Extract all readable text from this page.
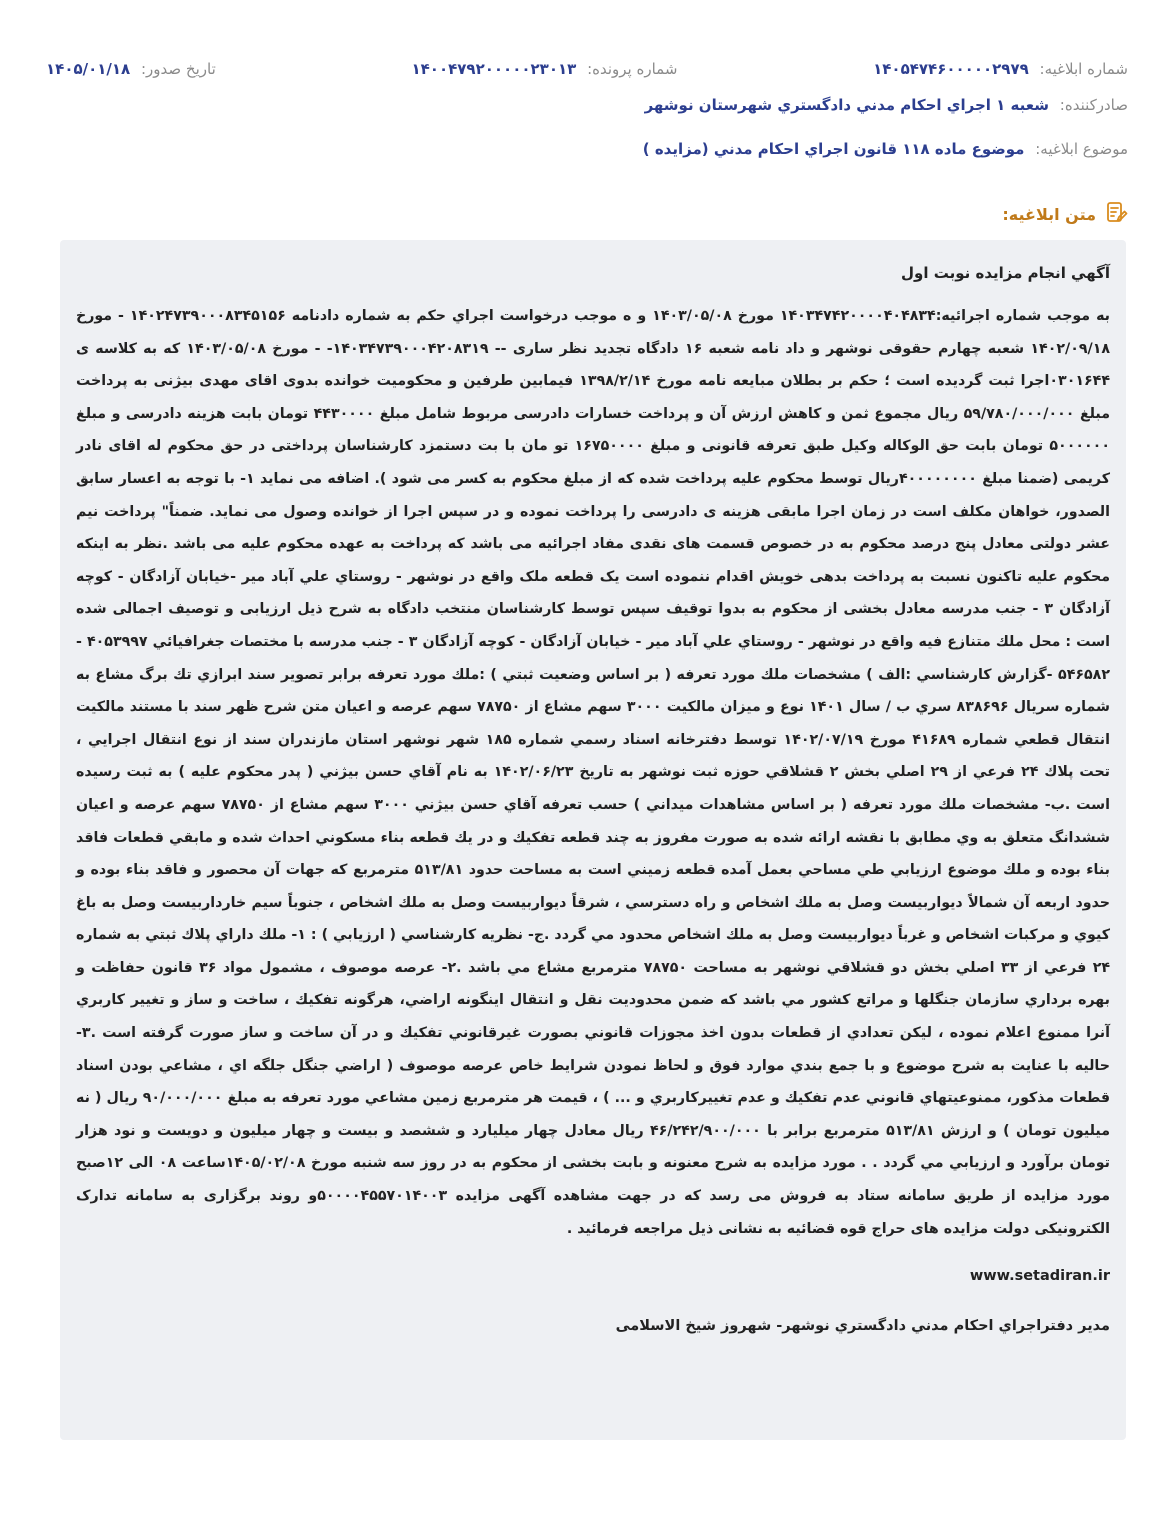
شماره ابلاغیه: ۱۴۰۵۴۷۴۶۰۰۰۰۰۲۹۷۹
شماره پرونده: ۱۴۰۰۴۷۹۲۰۰۰۰۰۲۳۰۱۳
تاریخ صدور: ۱۴۰۵/۰۱/۱۸
صادرکننده: شعبه ۱ اجراي احكام مدني دادگستري شهرستان نوشهر
موضوع ابلاغیه: موضوع ماده ۱۱۸ قانون اجراي احكام مدني (مزايده )
متن ابلاغیه:
آگهي انجام مزايده نوبت اول

به موجب شماره اجرائیه:۱۴۰۳۴۷۴۲۰۰۰۰۴۰۴۸۳۴ مورخ ۱۴۰۳/۰۵/۰۸ و ه موجب درخواست اجراي حكم به شماره دادنامه ۱۴۰۲۴۷۳۹۰۰۰۸۳۴۵۱۵۶ - مورخ ۱۴۰۲/۰۹/۱۸ شعبه چهارم حقوقی نوشهر و داد نامه شعبه ۱۶ دادگاه تجدید نظر ساری -- ۱۴۰۳۴۷۳۹۰۰۰۴۲۰۸۳۱۹- - مورخ ۱۴۰۳/۰۵/۰۸ كه به كلاسه ی ۰۳۰۱۶۴۴اجرا ثبت گرديده است ؛ حکم بر بطلان مبایعه نامه مورخ ۱۳۹۸/۲/۱۴ فیمابین طرفین و محکومیت خوانده بدوی اقای مهدی بیژنی به پرداخت مبلغ ۵۹/۷۸۰/۰۰۰/۰۰۰ ریال مجموع ثمن و کاهش ارزش آن و پرداخت خسارات دادرسی مربوط شامل مبلغ ۴۴۳۰۰۰۰ تومان بابت هزینه دادرسی و مبلغ ۵۰۰۰۰۰۰ تومان بابت حق الوکاله وکیل طبق تعرفه قانونی و مبلغ ۱۶۷۵۰۰۰۰ تو مان با بت دستمزد کارشناسان پرداختی در حق محکوم له اقای نادر کریمی (ضمنا مبلغ ۴۰۰۰۰۰۰۰۰ریال توسط محکوم علیه پرداخت شده که از مبلغ محکوم به کسر می شود ). اضافه می نماید ۱- با توجه به اعسار سابق الصدور، خواهان مکلف است در زمان اجرا مابقی هزینه ی دادرسی را پرداخت نموده و در سپس اجرا از خوانده وصول می نماید. ضمناً" پرداخت نیم عشر دولتی معادل پنج درصد محکوم به در خصوص قسمت های نقدی مفاد اجرائیه می باشد که پرداخت به عهده محکوم علیه می باشد .نظر به اینکه محکوم علیه تاکنون نسبت به پرداخت بدهی خویش اقدام ننموده است یک قطعه ملک واقع در نوشهر - روستاي علي آباد مير -خيابان آزادگان - كوچه آزادگان ۳ - جنب مدرسه معادل بخشی از محکوم به بدوا توقیف سپس توسط کارشناسان منتخب دادگاه به شرح ذیل ارزیابی و توصیف اجمالی شده است : محل ملك متنازع فيه واقع در نوشهر - روستاي علي آباد مير - خيابان آزادگان - كوچه آزادگان ۳ - جنب مدرسه با مختصات جغرافيائي ۴۰۵۳۹۹۷ - ۵۴۶۵۸۲ -گزارش كارشناسي :الف ) مشخصات ملك مورد تعرفه ( بر اساس وضعيت ثبتي ) :ملك مورد تعرفه برابر تصوير سند ابرازي تك برگ مشاع به شماره سريال ۸۳۸۶۹۶ سري ب / سال ۱۴۰۱ نوع و ميزان مالكيت ۳۰۰۰ سهم مشاع از ۷۸۷۵۰ سهم عرصه و اعيان متن شرح ظهر سند با مستند مالكيت انتقال قطعي شماره ۴۱۶۸۹ مورخ ۱۴۰۲/۰۷/۱۹ توسط دفترخانه اسناد رسمي شماره ۱۸۵ شهر نوشهر استان مازندران سند از نوع انتقال اجرايي ، تحت پلاك ۲۴ فرعي از ۲۹ اصلي بخش ۲ قشلاقي حوزه ثبت نوشهر به تاريخ ۱۴۰۲/۰۶/۲۳ به نام آقاي حسن بيژني ( پدر محكوم عليه ) به ثبت رسيده است .ب- مشخصات ملك مورد تعرفه ( بر اساس مشاهدات ميداني ) حسب تعرفه آقاي حسن بيژني ۳۰۰۰ سهم مشاع از ۷۸۷۵۰ سهم عرصه و اعيان ششدانگ متعلق به وي مطابق با نقشه ارائه شده به صورت مفروز به چند قطعه تفكيك و در يك قطعه بناء مسكوني احداث شده و مابقي قطعات فاقد بناء بوده و ملك موضوع ارزيابي طي مساحي بعمل آمده قطعه زميني است به مساحت حدود ۵۱۳/۸۱ مترمربع كه جهات آن محصور و فاقد بناء بوده و حدود اربعه آن شمالاً ديواربيست وصل به ملك اشخاص و راه دسترسي ، شرقاً ديواربيست وصل به ملك اشخاص ، جنوباً سيم خارداربيست وصل به باغ كيوي و مركبات اشخاص و غرباً ديواربيست وصل به ملك اشخاص محدود مي گردد .ج- نظريه كارشناسي ( ارزيابي ) : ۱- ملك داراي پلاك ثبتي به شماره ۲۴ فرعي از ۳۳ اصلي بخش دو قشلاقي نوشهر به مساحت ۷۸۷۵۰ مترمربع مشاع مي باشد .۲- عرصه موصوف ، مشمول مواد ۳۶ قانون حفاظت و بهره برداري سازمان جنگلها و مراتع كشور مي باشد كه ضمن محدوديت نقل و انتقال اينگونه اراضي، هرگونه تفكيك ، ساخت و ساز و تغيير كاربري آنرا ممنوع اعلام نموده ، ليكن تعدادي از قطعات بدون اخذ مجوزات قانوني بصورت غيرقانوني تفكيك و در آن ساخت و ساز صورت گرفته است .۳- حاليه با عنايت به شرح موضوع و با جمع بندي موارد فوق و لحاظ نمودن شرايط خاص عرصه موصوف ( اراضي جنگل جلگه اي ، مشاعي بودن اسناد قطعات مذكور، ممنوعيتهاي قانوني عدم تفكيك و عدم تغييركاربري و ... ) ، قيمت هر مترمربع زمين مشاعي مورد تعرفه به مبلغ ۹۰/۰۰۰/۰۰۰ ريال ( نه ميليون تومان ) و ارزش ۵۱۳/۸۱ مترمربع برابر با ۴۶/۲۴۲/۹۰۰/۰۰۰ ريال معادل چهار ميليارد و ششصد و بيست و چهار ميليون و دويست و نود هزار تومان برآورد و ارزيابي مي گردد . . مورد مزايده به شرح معنونه و بابت بخشی از محکوم به در روز سه شنبه مورخ ۱۴۰۵/۰۲/۰۸ساعت ۰۸ الی ۱۲صبح مورد مزایده از طریق سامانه ستاد به فروش می رسد که در جهت مشاهده آگهی مزایده ۵۰۰۰۰۴۵۵۷۰۱۴۰۰۳و روند برگزاری به سامانه تدارک الکترونیکی دولت مزایده های حراج قوه قضائیه به نشانی ذیل مراجعه فرمائید .

www.setadiran.ir
مدير دفتراجراي احكام مدني دادگستري نوشهر- شهروز شيخ الاسلامی
